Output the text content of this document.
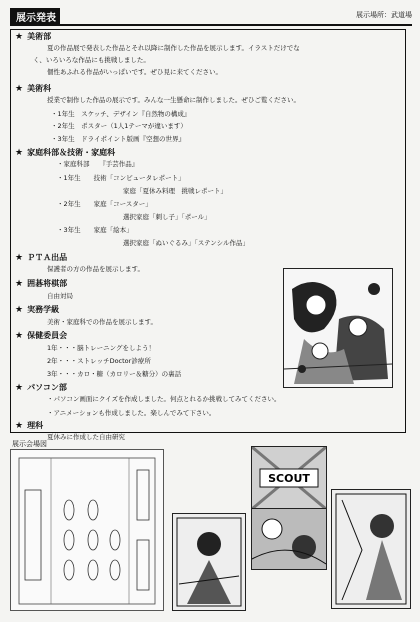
展示発表	展示場所：武道場
★ 美術部
夏の作品展で発表した作品とそれ以降に制作した作品を展示します。イラストだけでな
く、いろいろな作品にも挑戦しました。
個性あふれる作品がいっぱいです。ぜひ見に来てください。
★ 美術科
授業で制作した作品の展示です。みんな一生懸命に制作しました。ぜひご覧ください。
・1年生　スケッチ、デザイン『自然物の構成』
・2年生　ポスター（1人1テーマが違います）
・3年生　ドライポイント版画『空想の世界』
★ 家庭科部＆技術・家庭科
・家庭科部　　『手芸作品』
・1年生　　技術「コンピュータレポート」
家庭「夏休み料理　挑戦レポート」
・2年生　　家庭「コースター」
選択家庭「刺し子」「ポール」
・3年生　　家庭「絵本」
選択家庭「ぬいぐるみ」「ステンシル作品」
★ ＰＴＡ出品
保護者の方の作品を展示します。
★ 囲碁将棋部
自由対局
★ 実務学級
美術・家庭科での作品を展示します。
★ 保健委員会
1年・・・脳トレーニングをしよう！
2年・・・ストレッチDoctor診療所
3年・・・カロ・糖（カロリー＆糖分）の裏話
★ パソコン部
・パソコン画面にクイズを作成しました。何点とれるか挑戦してみてください。
・アニメーションも作成しました。楽しんでみて下さい。
★ 理科
夏休みに作成した自由研究
展示会場図
SCOUT
